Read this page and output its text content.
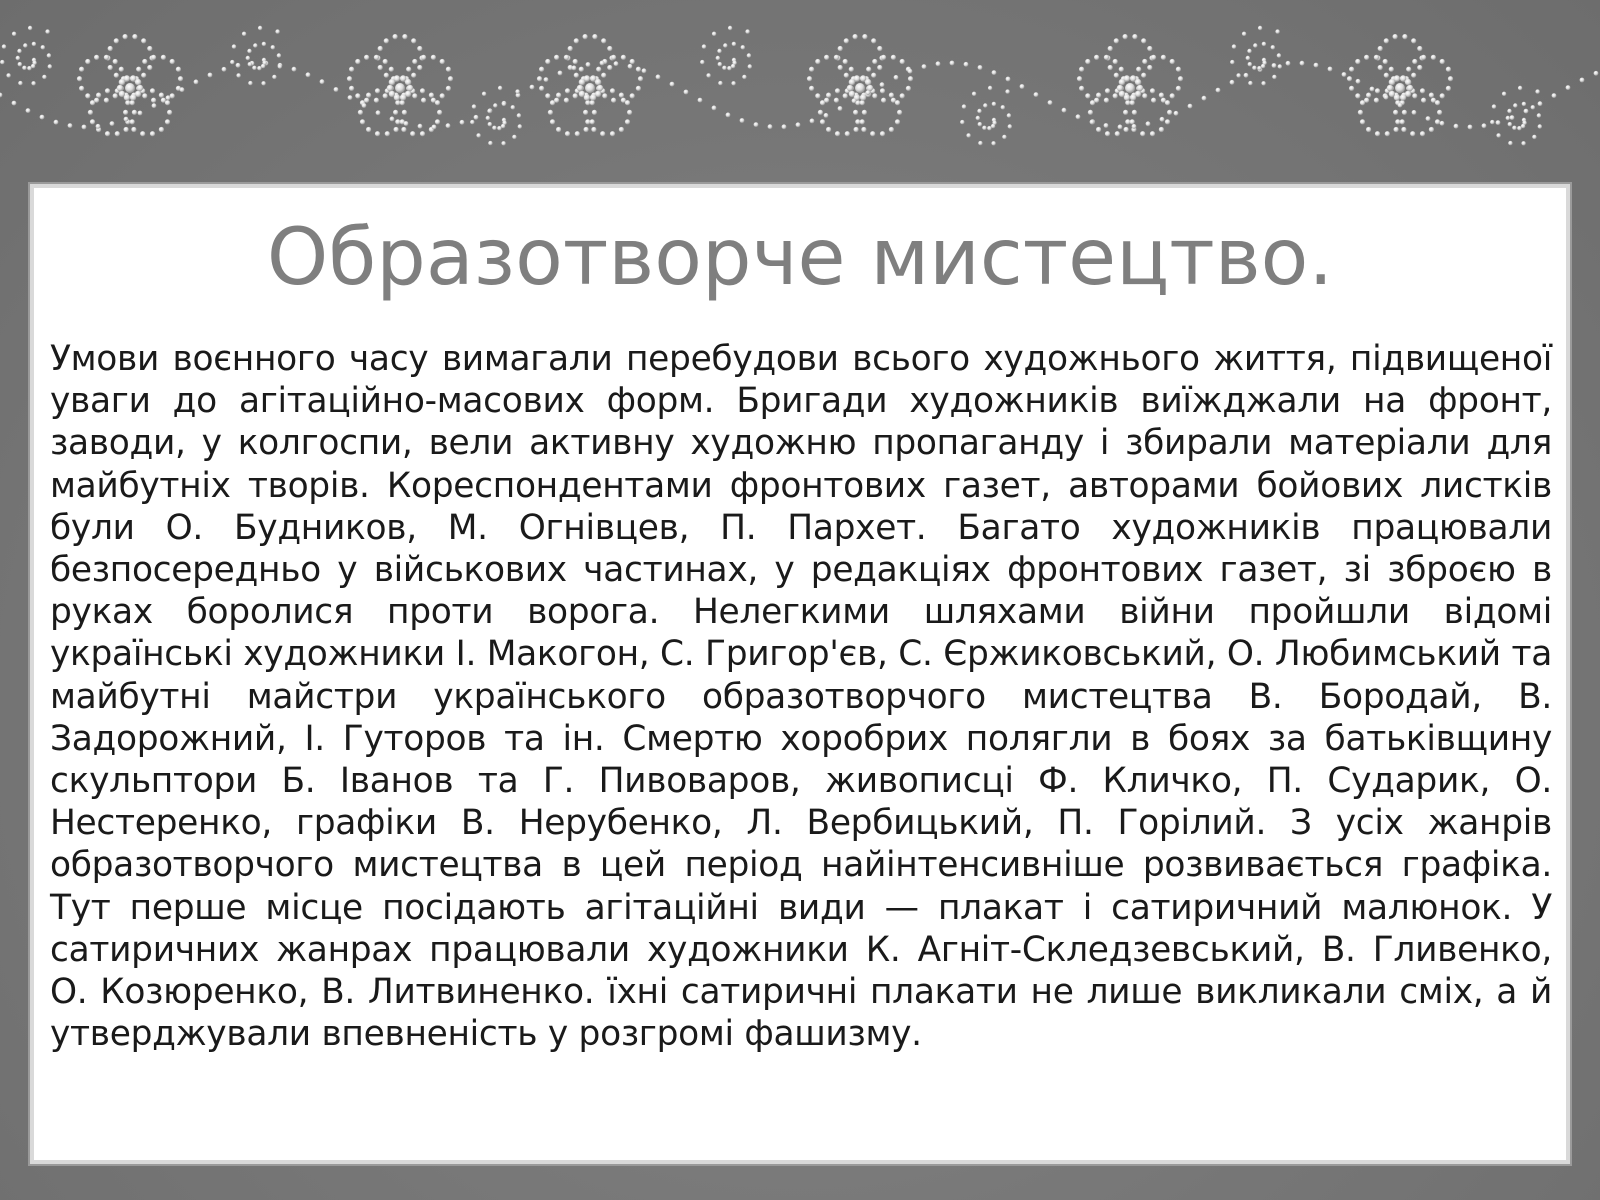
Образотворче мистецтво.

Умови воєнного часу вимагали перебудови всього художнього життя, підвищеної уваги до агітаційно-масових форм. Бригади художників виїжджали на фронт, заводи, у колгоспи, вели активну художню пропаганду і збирали матеріали для майбутніх творів. Кореспондентами фронтових газет, авторами бойових листків були О. Будников, М. Огнівцев, П. Пархет. Багато художників працювали безпосередньо у військових частинах, у редакціях фронтових газет, зі зброєю в руках боролися проти ворога. Нелегкими шляхами війни пройшли відомі українські художники І. Макогон, С. Григор'єв, С. Єржиковський, О. Любимський та майбутні майстри українського образотворчого мистецтва В. Бородай, В. Задорожний, І. Гуторов та ін. Смертю хоробрих полягли в боях за батьківщину скульптори Б. Іванов та Г. Пивоваров, живописці Ф. Кличко, П. Сударик, О. Нестеренко, графіки В. Нерубенко, Л. Вербицький, П. Горілий. З усіх жанрів образотворчого мистецтва в цей період найінтенсивніше розвивається графіка. Тут перше місце посідають агітаційні види — плакат і сатиричний малюнок. У сатиричних жанрах працювали художники К. Агніт-Скледзевський, В. Гливенко, О. Козюренко, В. Литвиненко. їхні сатиричні плакати не лише викликали сміх, а й утверджували впевненість у розгромі фашизму.
